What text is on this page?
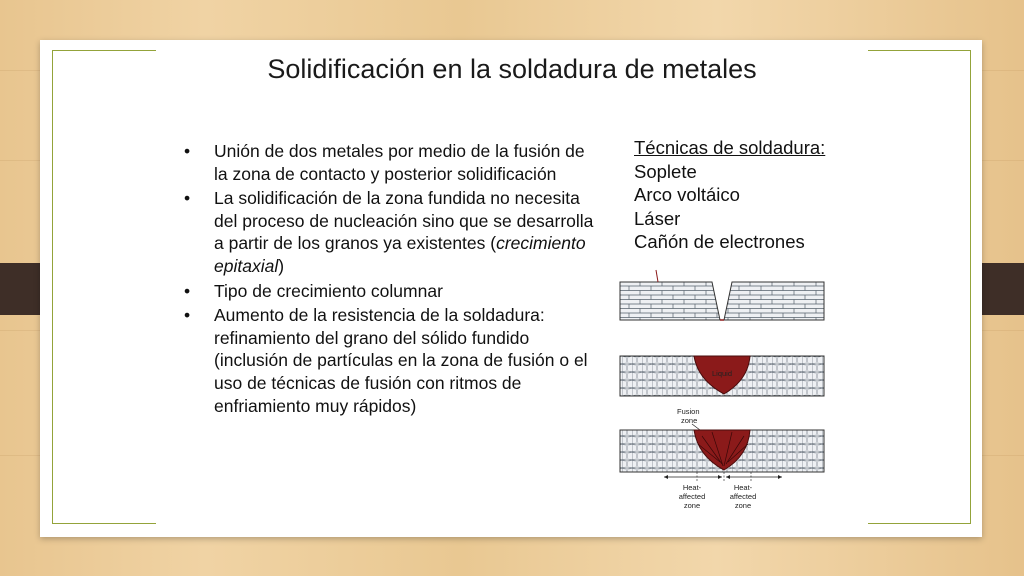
Solidificación en la soldadura de metales
• Unión de dos metales por medio de la fusión de la zona de contacto y posterior solidificación
• La solidificación de la zona fundida no necesita del proceso de nucleación sino que se desarrolla a partir de los granos ya existentes (crecimiento epitaxial)
• Tipo de crecimiento columnar
• Aumento de la resistencia de la soldadura: refinamiento del grano del sólido fundido (inclusión de partículas en la zona de fusión o el uso de técnicas de fusión con ritmos de enfriamiento muy rápidos)
Técnicas de soldadura:
Soplete
Arco voltáico
Láser
Cañón de electrones
Liquid
Fusion
zone
Heat-
affected
zone
Heat-
affected
zone
